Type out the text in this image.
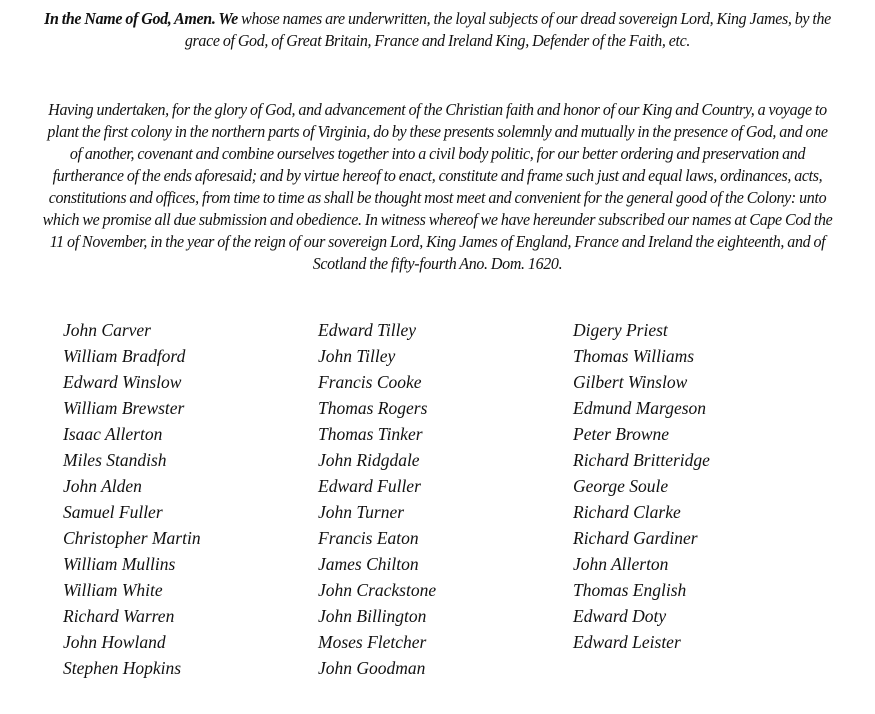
In the Name of God, Amen. We whose names are underwritten, the loyal subjects of our dread sovereign Lord, King James, by the grace of God, of Great Britain, France and Ireland King, Defender of the Faith, etc.
Having undertaken, for the glory of God, and advancement of the Christian faith and honor of our King and Country, a voyage to plant the first colony in the northern parts of Virginia, do by these presents solemnly and mutually in the presence of God, and one of another, covenant and combine ourselves together into a civil body politic, for our better ordering and preservation and furtherance of the ends aforesaid; and by virtue hereof to enact, constitute and frame such just and equal laws, ordinances, acts, constitutions and offices, from time to time as shall be thought most meet and convenient for the general good of the Colony: unto which we promise all due submission and obedience. In witness whereof we have hereunder subscribed our names at Cape Cod the 11 of November, in the year of the reign of our sovereign Lord, King James of England, France and Ireland the eighteenth, and of Scotland the fifty-fourth Ano. Dom. 1620.
John Carver
William Bradford
Edward Winslow
William Brewster
Isaac Allerton
Miles Standish
John Alden
Samuel Fuller
Christopher Martin
William Mullins
William White
Richard Warren
John Howland
Stephen Hopkins
Edward Tilley
John Tilley
Francis Cooke
Thomas Rogers
Thomas Tinker
John Ridgdale
Edward Fuller
John Turner
Francis Eaton
James Chilton
John Crackstone
John Billington
Moses Fletcher
John Goodman
Digery Priest
Thomas Williams
Gilbert Winslow
Edmund Margeson
Peter Browne
Richard Britteridge
George Soule
Richard Clarke
Richard Gardiner
John Allerton
Thomas English
Edward Doty
Edward Leister
